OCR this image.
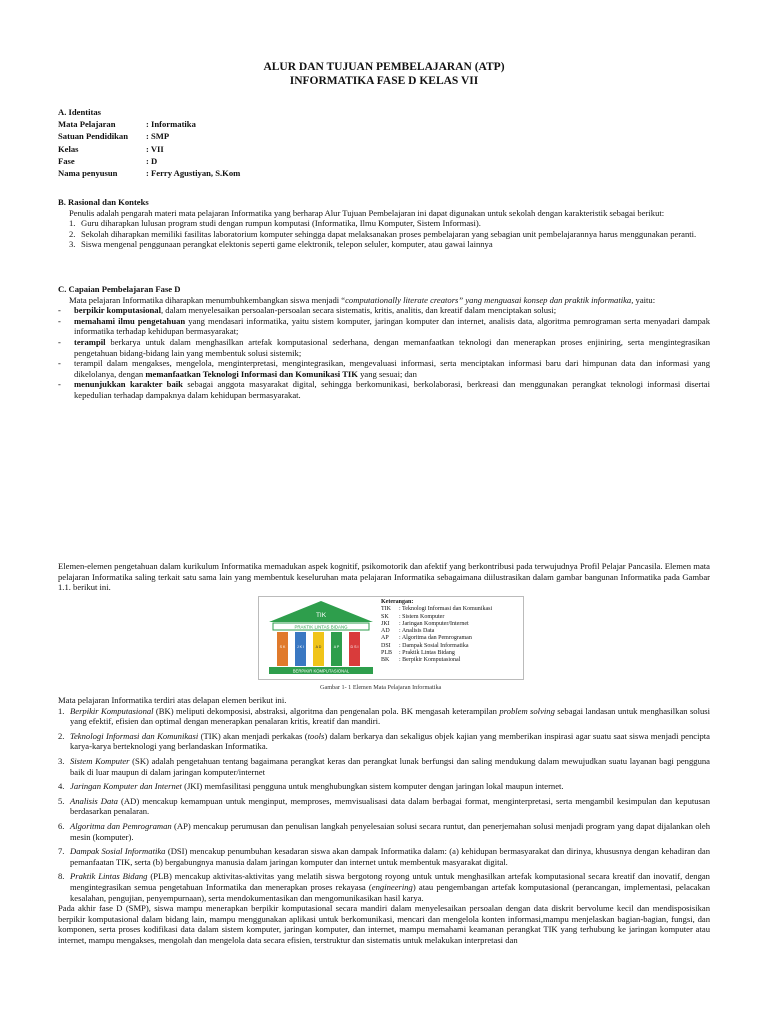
ALUR DAN TUJUAN PEMBELAJARAN (ATP)
INFORMATIKA FASE D KELAS VII
A. Identitas
Mata Pelajaran	: Informatika
Satuan Pendidikan	: SMP
Kelas	: VII
Fase	: D
Nama penyusun	: Ferry Agustiyan, S.Kom
B. Rasional dan Konteks
Penulis adalah pengarah materi mata pelajaran Informatika yang berharap Alur Tujuan Pembelajaran ini dapat digunakan untuk sekolah dengan karakteristik sebagai berikut:
1. Guru diharapkan lulusan program studi dengan rumpun komputasi (Informatika, Ilmu Komputer, Sistem Informasi).
2. Sekolah diharapkan memiliki fasilitas laboratorium komputer sehingga dapat melaksanakan proses pembelajaran yang sebagian unit pembelajarannya harus menggunakan peranti.
3. Siswa mengenal penggunaan perangkat elektonis seperti game elektronik, telepon seluler, komputer, atau gawai lainnya
C. Capaian Pembelajaran Fase D
Mata pelajaran Informatika diharapkan menumbuhkembangkan siswa menjadi “computationally literate creators” yang menguasai konsep dan praktik informatika, yaitu:
-	berpikir komputasional, dalam menyelesaikan persoalan-persoalan secara sistematis, kritis, analitis, dan kreatif dalam menciptakan solusi;
-	memahami ilmu pengetahuan yang mendasari informatika, yaitu sistem komputer, jaringan komputer dan internet, analisis data, algoritma pemrograman serta menyadari dampak informatika terhadap kehidupan bermasyarakat;
-	terampil berkarya untuk dalam menghasilkan artefak komputasional sederhana, dengan memanfaatkan teknologi dan menerapkan proses enjiniring, serta mengintegrasikan pengetahuan bidang-bidang lain yang membentuk solusi sistemik;
-	terampil dalam mengakses, mengelola, menginterpretasi, mengintegrasikan, mengevaluasi informasi, serta menciptakan informasi baru dari himpunan data dan informasi yang dikelolanya, dengan memanfaatkan Teknologi Informasi dan Komunikasi TIK yang sesuai; dan
-	menunjukkan karakter baik sebagai anggota masyarakat digital, sehingga berkomunikasi, berkolaborasi, berkreasi dan menggunakan perangkat teknologi informasi disertai kepedulian terhadap dampaknya dalam kehidupan bermasyarakat.
Elemen-elemen pengetahuan dalam kurikulum Informatika memadukan aspek kognitif, psikomotorik dan afektif yang berkontribusi pada terwujudnya Profil Pelajar Pancasila. Elemen mata pelajaran Informatika saling terkait satu sama lain yang membentuk keseluruhan mata pelajaran Informatika sebagaimana diilustrasikan dalam gambar bangunan Informatika pada Gambar 1.1. berikut ini.
TIK
PRAKTIK LINTAS BIDANG
S K	J K I	A D	A P	D S I
BERPIKIR KOMPUTASIONAL
Keterangan:
TIK	: Teknologi Informasi dan Komunikasi
SK	: Sistem Komputer
JKI	: Jaringan Komputer/Internet
AD	: Analisis Data
AP	: Algoritma dan Pemrograman
DSI	: Dampak Sosial Informatika
PLB	: Praktik Lintas Bidang
BK	: Berpikir Komputasional
Gambar 1- 1 Elemen Mata Pelajaran Informatika
Mata pelajaran Informatika terdiri atas delapan elemen berikut ini.
1. Berpikir Komputasional (BK) meliputi dekomposisi, abstraksi, algoritma dan pengenalan pola. BK mengasah keterampilan problem solving sebagai landasan untuk menghasilkan solusi yang efektif, efisien dan optimal dengan menerapkan penalaran kritis, kreatif dan mandiri.
2. Teknologi Informasi dan Komunikasi (TIK) akan menjadi perkakas (tools) dalam berkarya dan sekaligus objek kajian yang memberikan inspirasi agar suatu saat siswa menjadi pencipta karya-karya berteknologi yang berlandaskan Informatika.
3. Sistem Komputer (SK) adalah pengetahuan tentang bagaimana perangkat keras dan perangkat lunak berfungsi dan saling mendukung dalam mewujudkan suatu layanan bagi pengguna baik di luar maupun di dalam jaringan komputer/internet
4. Jaringan Komputer dan Internet (JKI) memfasilitasi pengguna untuk menghubungkan sistem komputer dengan jaringan lokal maupun internet.
5. Analisis Data (AD) mencakup kemampuan untuk menginput, memproses, memvisualisasi data dalam berbagai format, menginterpretasi, serta mengambil kesimpulan dan keputusan berdasarkan penalaran.
6. Algoritma dan Pemrograman (AP) mencakup perumusan dan penulisan langkah penyelesaian solusi secara runtut, dan penerjemahan solusi menjadi program yang dapat dijalankan oleh mesin (komputer).
7. Dampak Sosial Informatika (DSI) mencakup penumbuhan kesadaran siswa akan dampak Informatika dalam: (a) kehidupan bermasyarakat dan dirinya, khususnya dengan kehadiran dan pemanfaatan TIK, serta (b) bergabungnya manusia dalam jaringan komputer dan internet untuk membentuk masyarakat digital.
8. Praktik Lintas Bidang (PLB) mencakup aktivitas-aktivitas yang melatih siswa bergotong royong untuk untuk menghasilkan artefak komputasional secara kreatif dan inovatif, dengan mengintegrasikan semua pengetahuan Informatika dan menerapkan proses rekayasa (engineering) atau pengembangan artefak komputasional (perancangan, implementasi, pelacakan kesalahan, pengujian, penyempurnaan), serta mendokumentasikan dan mengomunikasikan hasil karya.
Pada akhir fase D (SMP), siswa mampu menerapkan berpikir komputasional secara mandiri dalam menyelesaikan persoalan dengan data diskrit bervolume kecil dan mendisposisikan berpikir komputasional dalam bidang lain, mampu menggunakan aplikasi untuk berkomunikasi, mencari dan mengelola konten informasi,mampu menjelaskan bagian-bagian, fungsi, dan komponen, serta proses kodifikasi data dalam sistem komputer, jaringan komputer, dan internet, mampu memahami keamanan perangkat TIK yang terhubung ke jaringan komputer atau internet, mampu mengakses, mengolah dan mengelola data secara efisien, terstruktur dan sistematis untuk melakukan interpretasi dan
